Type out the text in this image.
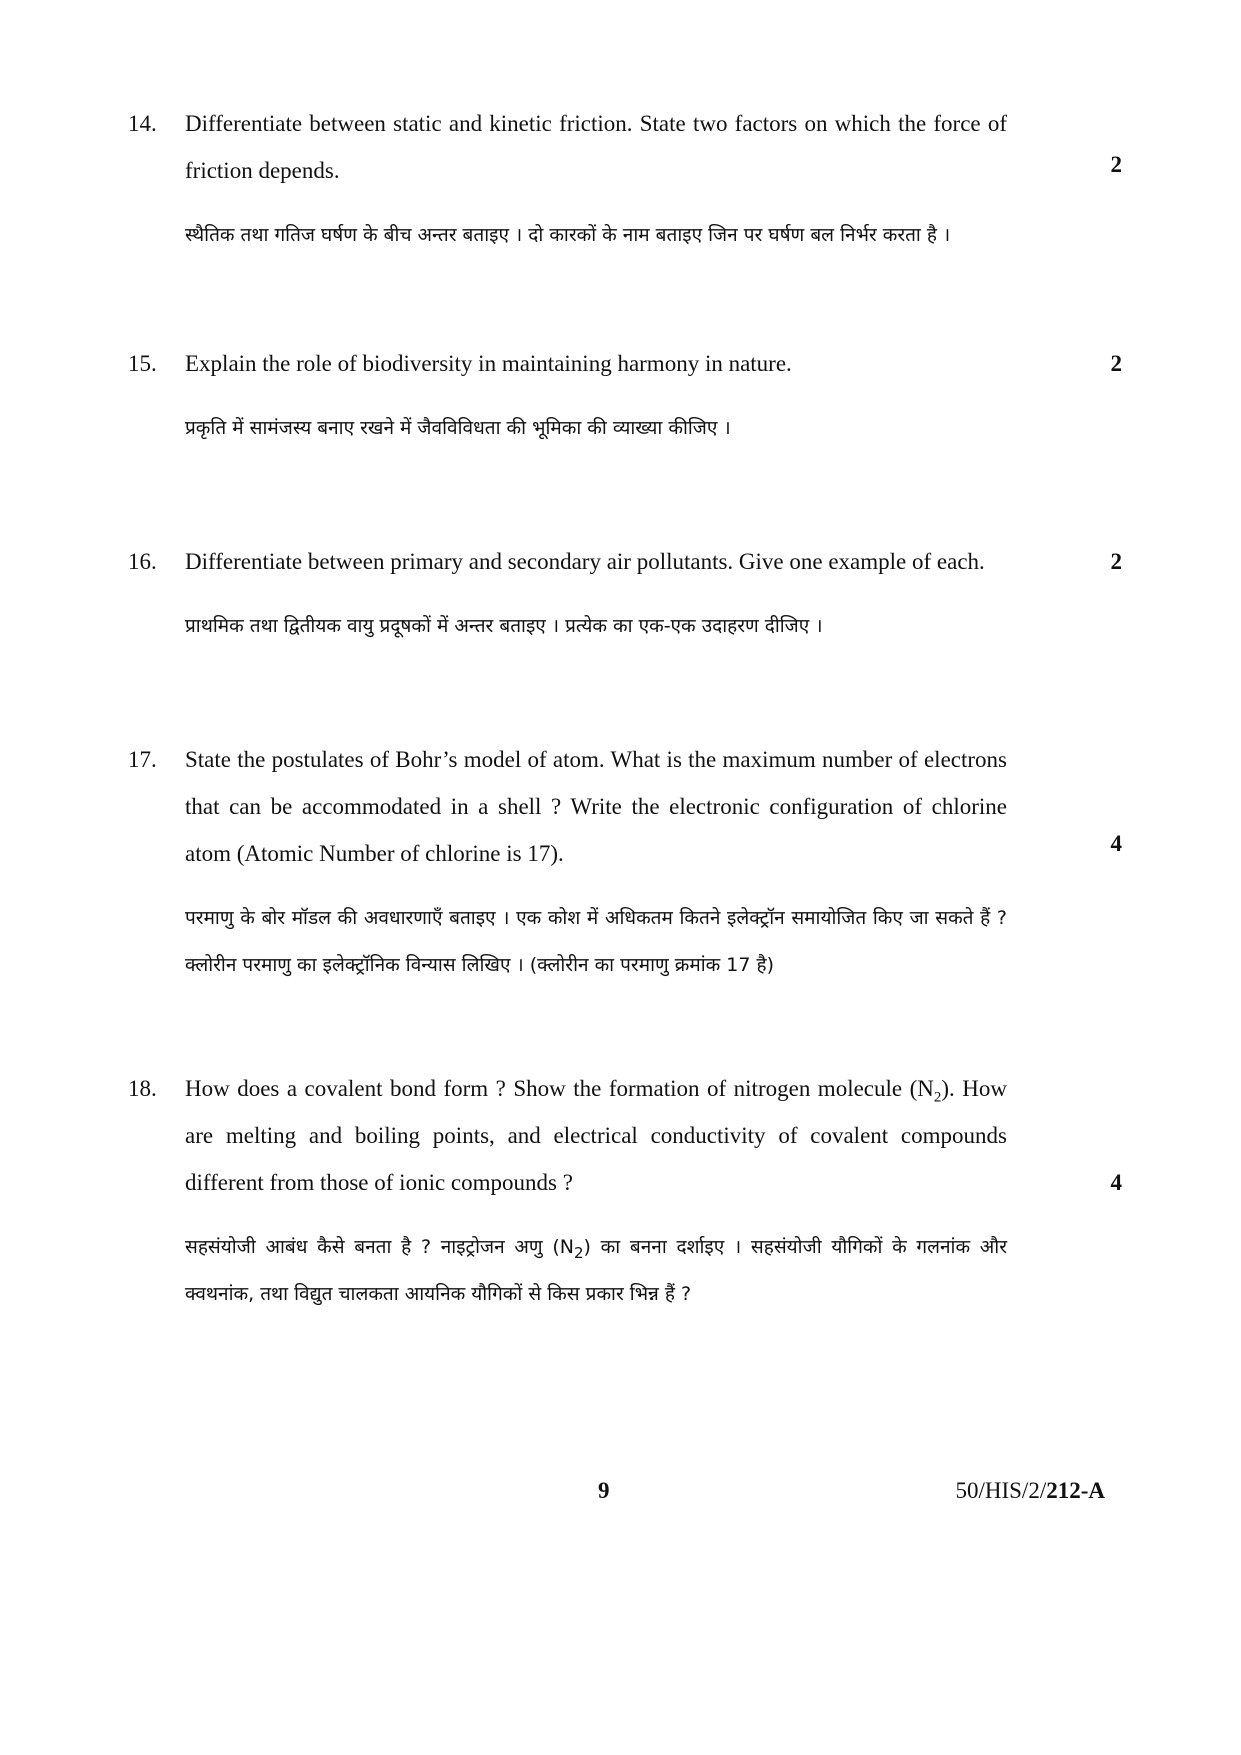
14. Differentiate between static and kinetic friction. State two factors on which the force of friction depends.	2

स्थैतिक तथा गतिज घर्षण के बीच अन्तर बताइए । दो कारकों के नाम बताइए जिन पर घर्षण बल निर्भर करता है ।

15. Explain the role of biodiversity in maintaining harmony in nature.	2

प्रकृति में सामंजस्य बनाए रखने में जैवविविधता की भूमिका की व्याख्या कीजिए ।

16. Differentiate between primary and secondary air pollutants. Give one example of each.	2

प्राथमिक तथा द्वितीयक वायु प्रदूषकों में अन्तर बताइए । प्रत्येक का एक-एक उदाहरण दीजिए ।

17. State the postulates of Bohr’s model of atom. What is the maximum number of electrons that can be accommodated in a shell ? Write the electronic configuration of chlorine atom (Atomic Number of chlorine is 17).	4

परमाणु के बोर मॉडल की अवधारणाएँ बताइए । एक कोश में अधिकतम कितने इलेक्ट्रॉन समायोजित किए जा सकते हैं ? क्लोरीन परमाणु का इलेक्ट्रॉनिक विन्यास लिखिए । (क्लोरीन का परमाणु क्रमांक 17 है)

18. How does a covalent bond form ? Show the formation of nitrogen molecule $(N_2)$. How are melting and boiling points, and electrical conductivity of covalent compounds different from those of ionic compounds ?	4

सहसंयोजी आबंध कैसे बनता है ? नाइट्रोजन अणु $(N_2)$ का बनना दर्शाइए । सहसंयोजी यौगिकों के गलनांक और क्वथनांक, तथा विद्युत चालकता आयनिक यौगिकों से किस प्रकार भिन्न हैं ?

9	50/HIS/2/212-A
